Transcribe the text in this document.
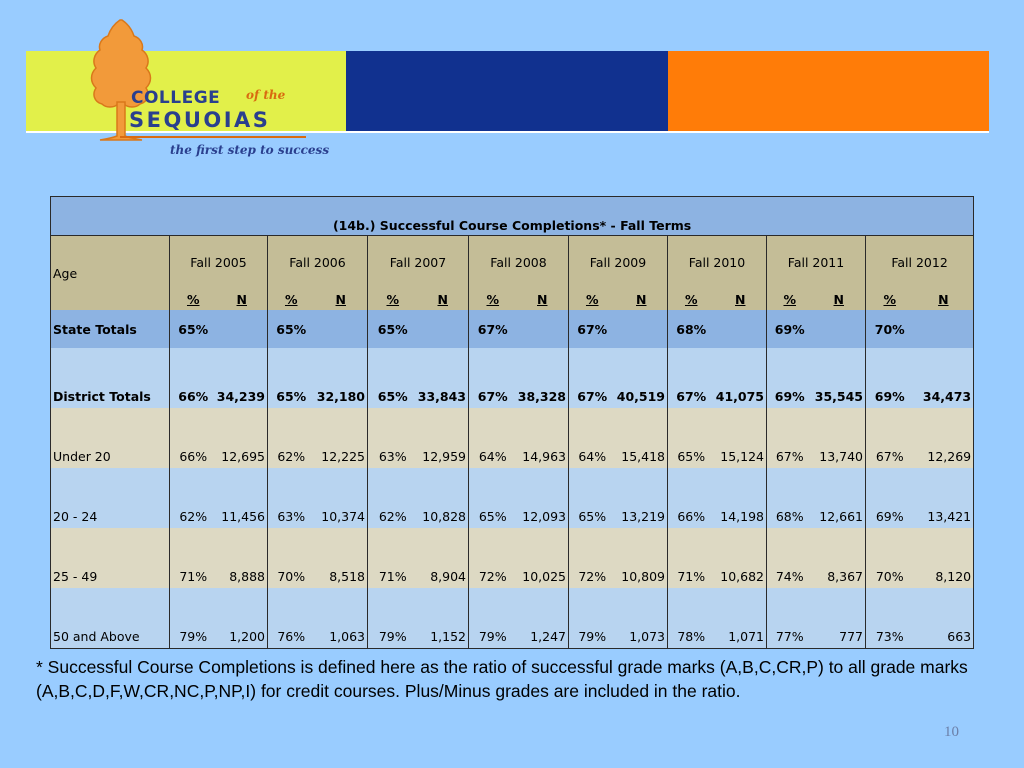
COLLEGE of the
SEQUOIAS
the first step to success
(14b.) Successful Course Completions* - Fall Terms																
Age	Fall 2005		Fall 2006		Fall 2007		Fall 2008		Fall 2009		Fall 2010		Fall 2011		Fall 2012	
	%	N	%	N	%	N	%	N	%	N	%	N	%	N	%	N
State Totals	65%		65%		65%		67%		67%		68%		69%		70%	
District Totals	66%	34,239	65%	32,180	65%	33,843	67%	38,328	67%	40,519	67%	41,075	69%	35,545	69%	34,473
Under 20	66%	12,695	62%	12,225	63%	12,959	64%	14,963	64%	15,418	65%	15,124	67%	13,740	67%	12,269
20 - 24	62%	11,456	63%	10,374	62%	10,828	65%	12,093	65%	13,219	66%	14,198	68%	12,661	69%	13,421
25 - 49	71%	8,888	70%	8,518	71%	8,904	72%	10,025	72%	10,809	71%	10,682	74%	8,367	70%	8,120
50 and Above	79%	1,200	76%	1,063	79%	1,152	79%	1,247	79%	1,073	78%	1,071	77%	777	73%	663
* Successful Course Completions is defined here as the ratio of successful grade marks (A,B,C,CR,P) to all grade marks (A,B,C,D,F,W,CR,NC,P,NP,I) for credit courses. Plus/Minus grades are included in the ratio.
10
